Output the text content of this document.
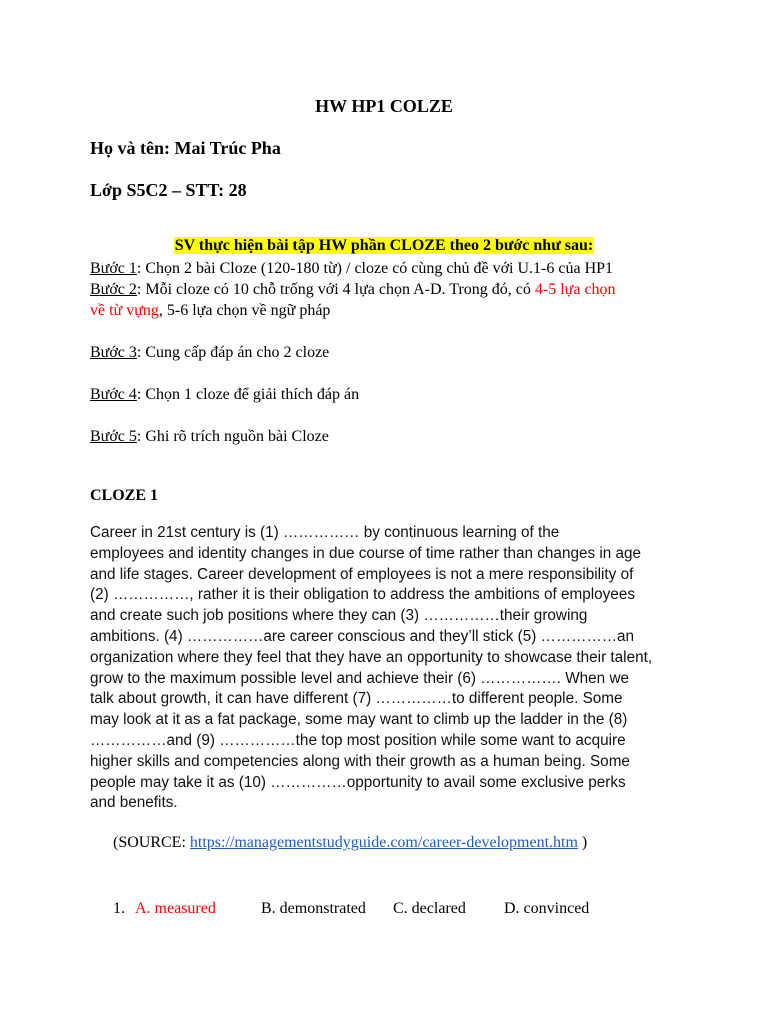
HW HP1 COLZE
Họ và tên: Mai Trúc Pha
Lớp S5C2 – STT: 28
SV thực hiện bài tập HW phần CLOZE theo 2 bước như sau:

Bước 1: Chọn 2 bài Cloze (120-180 từ) / cloze có cùng chủ đề với U.1-6 của HP1

Bước 2: Mỗi cloze có 10 chỗ trống với 4 lựa chọn A-D. Trong đó, có 4-5 lựa chọn
về từ vựng, 5-6 lựa chọn về ngữ pháp

Bước 3: Cung cấp đáp án cho 2 cloze

Bước 4: Chọn 1 cloze để giải thích đáp án

Bước 5: Ghi rõ trích nguồn bài Cloze

CLOZE 1

Career in 21st century is (1) …………… by continuous learning of the

employees and identity changes in due course of time rather than changes in age

and life stages. Career development of employees is not a mere responsibility of

(2) ……………, rather it is their obligation to address the ambitions of employees

and create such job positions where they can (3) ……………their growing

ambitions. (4) ……………are career conscious and they’ll stick (5) ……………an

organization where they feel that they have an opportunity to showcase their talent,

grow to the maximum possible level and achieve their (6) ……………. When we

talk about growth, it can have different (7) ……………to different people. Some

may look at it as a fat package, some may want to climb up the ladder in the (8)

……………and (9) ……………the top most position while some want to acquire

higher skills and competencies along with their growth as a human being. Some

people may take it as (10) ……………opportunity to avail some exclusive perks

and benefits.

(SOURCE: https://managementstudyguide.com/career-development.htm )
1. A. measured	B. demonstrated C. declared D. convinced
